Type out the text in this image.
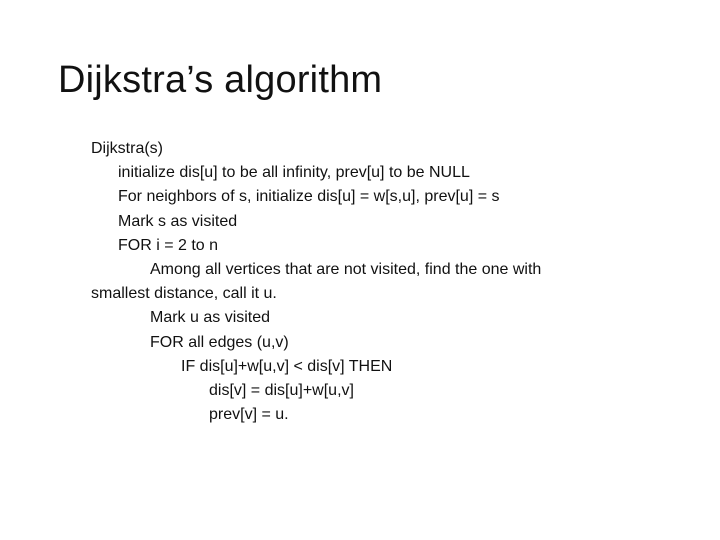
Dijkstra’s algorithm
Dijkstra(s)
initialize dis[u] to be all infinity, prev[u] to be NULL
For neighbors of s, initialize dis[u] = w[s,u], prev[u] = s
Mark s as visited
FOR i = 2 to n
Among all vertices that are not visited, find the one with
smallest distance, call it u.
Mark u as visited
FOR all edges (u,v)
IF dis[u]+w[u,v] < dis[v] THEN
dis[v] = dis[u]+w[u,v]
prev[v] = u.
